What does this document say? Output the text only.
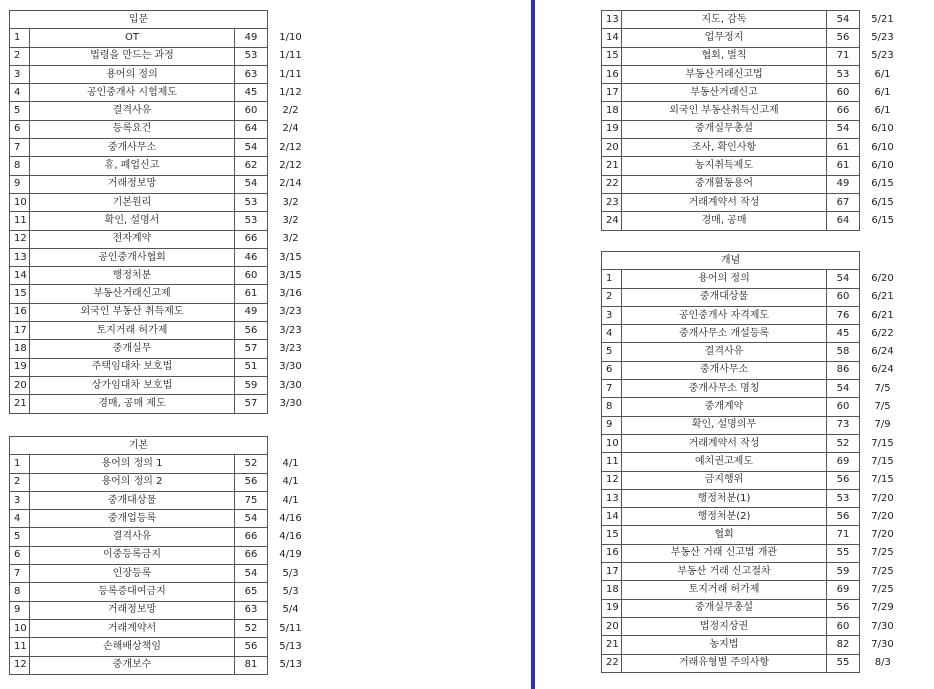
입문			
1	OT	49	1/10
2	법령을 만드는 과정	53	1/11
3	용어의 정의	63	1/11
4	공인중개사 시험제도	45	1/12
5	결격사유	60	2/2
6	등록요건	64	2/4
7	중개사무소	54	2/12
8	휴, 폐업신고	62	2/12
9	거래정보망	54	2/14
10	기본원리	53	3/2
11	확인, 설명서	53	3/2
12	전자계약	66	3/2
13	공인중개사협회	46	3/15
14	행정처분	60	3/15
15	부동산거래신고제	61	3/16
16	외국인 부동산 취득제도	49	3/23
17	토지거래 허가제	56	3/23
18	중개실무	57	3/23
19	주택임대차 보호법	51	3/30
20	상가임대차 보호법	59	3/30
21	경매, 공매 제도	57	3/30
기본			
1	용어의 정의 1	52	4/1
2	용어의 정의 2	56	4/1
3	중개대상물	75	4/1
4	중개업등록	54	4/16
5	결격사유	66	4/16
6	이중등록금지	66	4/19
7	인장등록	54	5/3
8	등록증대여금지	65	5/3
9	거래정보망	63	5/4
10	거래계약서	52	5/11
11	손해배상책임	56	5/13
12	중개보수	81	5/13
13	지도, 감독	54	5/21
14	업무정지	56	5/23
15	협회, 벌칙	71	5/23
16	부동산거래신고법	53	6/1
17	부동산거래신고	60	6/1
18	외국인 부동산취득신고제	66	6/1
19	중개실무총설	54	6/10
20	조사, 확인사항	61	6/10
21	농지취득제도	61	6/10
22	중개활동용어	49	6/15
23	거래계약서 작성	67	6/15
24	경매, 공매	64	6/15
개념			
1	용어의 정의	54	6/20
2	중개대상물	60	6/21
3	공인중개사 자격제도	76	6/21
4	중개사무소 개설등록	45	6/22
5	결격사유	58	6/24
6	중개사무소	86	6/24
7	중개사무소 명칭	54	7/5
8	중개계약	60	7/5
9	확인, 설명의무	73	7/9
10	거래계약서 작성	52	7/15
11	예치권고제도	69	7/15
12	금지행위	56	7/15
13	행정처분(1)	53	7/20
14	행정처분(2)	56	7/20
15	협회	71	7/20
16	부동산 거래 신고법 개관	55	7/25
17	부동산 거래 신고절차	59	7/25
18	토지거래 허가제	69	7/25
19	중개실무총설	56	7/29
20	법정지상권	60	7/30
21	농지법	82	7/30
22	거래유형별 주의사항	55	8/3
